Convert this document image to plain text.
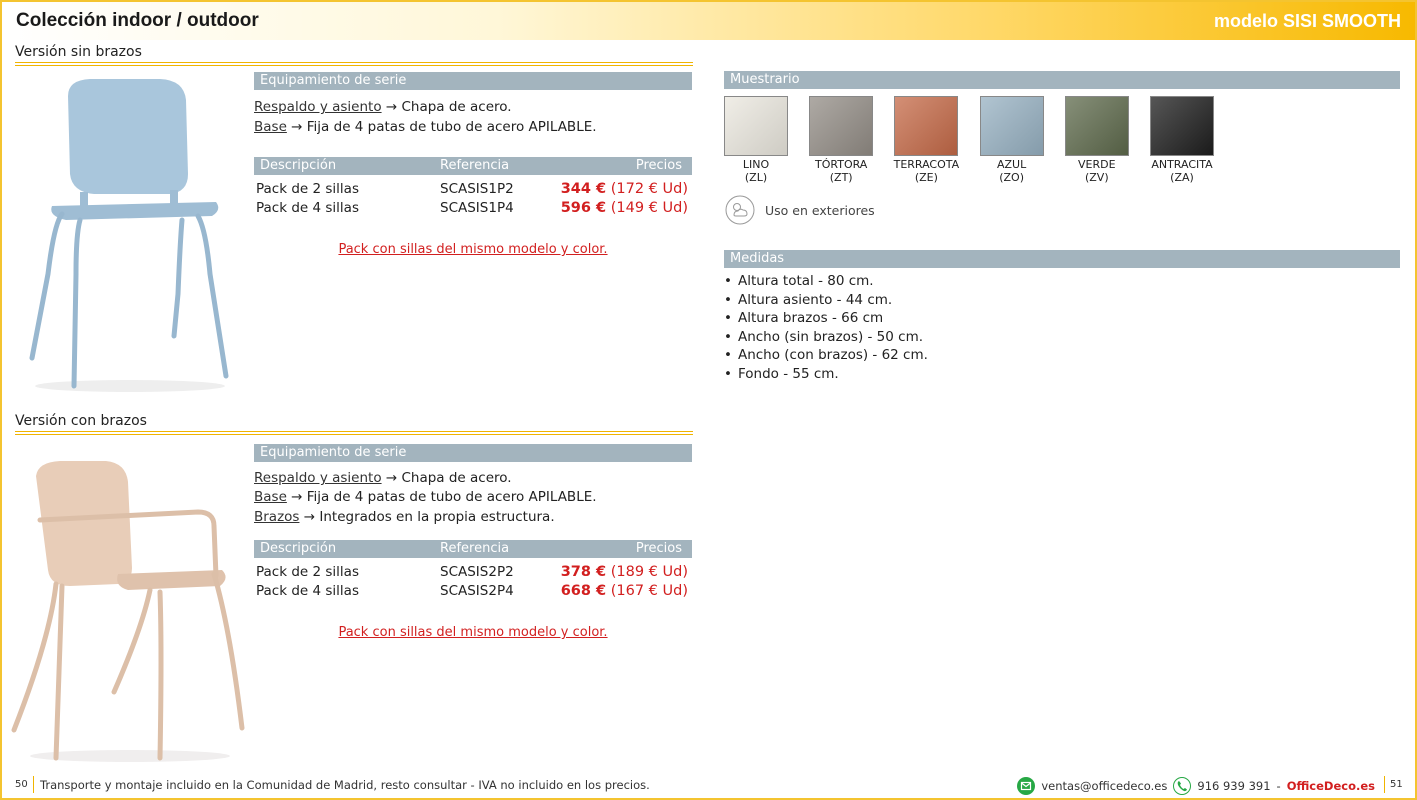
Colección indoor / outdoor	modelo SISI SMOOTH
Versión sin brazos
Equipamiento de serie
Respaldo y asiento → Chapa de acero.
Base → Fija de 4 patas de tubo de acero APILABLE.
Descripción	Referencia	Precios
Pack de 2 sillas	SCASIS1P2	344 € (172 € Ud)
Pack de 4 sillas	SCASIS1P4	596 € (149 € Ud)
Pack con sillas del mismo modelo y color.
Versión con brazos
Equipamiento de serie
Respaldo y asiento → Chapa de acero.
Base → Fija de 4 patas de tubo de acero APILABLE.
Brazos → Integrados en la propia estructura.
Descripción	Referencia	Precios
Pack de 2 sillas	SCASIS2P2	378 € (189 € Ud)
Pack de 4 sillas	SCASIS2P4	668 € (167 € Ud)
Pack con sillas del mismo modelo y color.
Muestrario
LINO
(ZL)
TÓRTORA
(ZT)
TERRACOTA
(ZE)
AZUL
(ZO)
VERDE
(ZV)
ANTRACITA
(ZA)
Uso en exteriores
Medidas
• Altura total - 80 cm.
• Altura asiento - 44 cm.
• Altura brazos - 66 cm
• Ancho (sin brazos) - 50 cm.
• Ancho (con brazos) - 62 cm.
• Fondo - 55 cm.
50 Transporte y montaje incluido en la Comunidad de Madrid, resto consultar - IVA no incluido en los precios.	ventas@officedeco.es	916 939 391 - OfficeDeco.es 51
